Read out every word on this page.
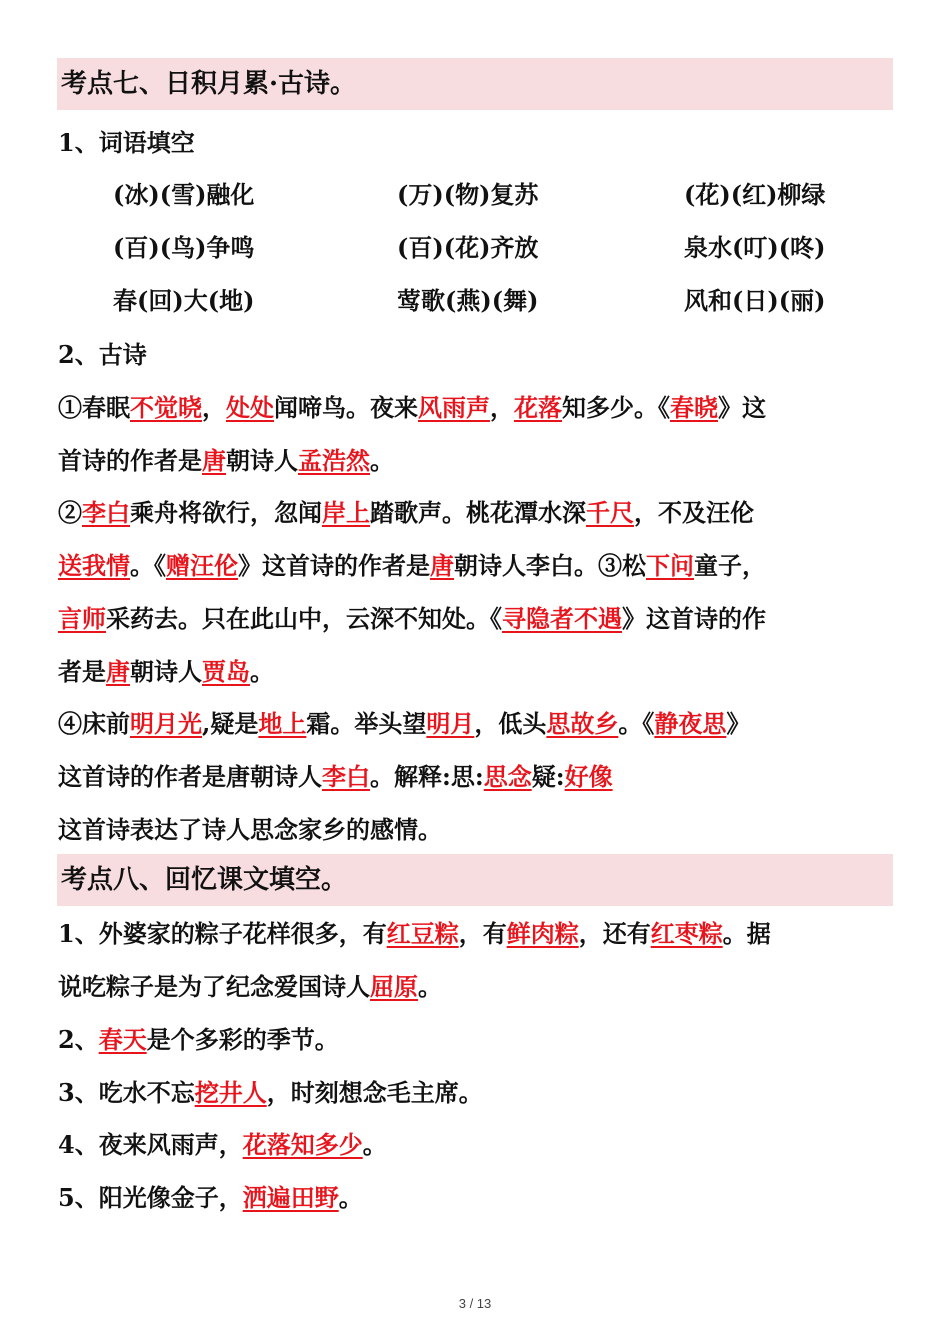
考点七、日积月累·古诗。
1、词语填空
(冰)(雪)融化	(万)(物)复苏	(花)(红)柳绿
(百)(鸟)争鸣	(百)(花)齐放	泉水(叮)(咚)
春(回)大(地)	莺歌(燕)(舞)	风和(日)(丽)
2、古诗
①春眠不觉晓，处处闻啼鸟。夜来风雨声，花落知多少。《春晓》这
首诗的作者是唐朝诗人孟浩然。
②李白乘舟将欲行，忽闻岸上踏歌声。桃花潭水深千尺，不及汪伦
送我情。《赠汪伦》这首诗的作者是唐朝诗人李白。③松下问童子，
言师采药去。只在此山中，云深不知处。《寻隐者不遇》这首诗的作
者是唐朝诗人贾岛。
④床前明月光,疑是地上霜。举头望明月，低头思故乡。《静夜思》
这首诗的作者是唐朝诗人李白。解释:思:思念疑:好像
这首诗表达了诗人思念家乡的感情。
考点八、回忆课文填空。
1、外婆家的粽子花样很多，有红豆粽，有鲜肉粽，还有红枣粽。据
说吃粽子是为了纪念爱国诗人屈原。
2、春天是个多彩的季节。
3、吃水不忘挖井人，时刻想念毛主席。
4、夜来风雨声，花落知多少。
5、阳光像金子，洒遍田野。
3 / 13
